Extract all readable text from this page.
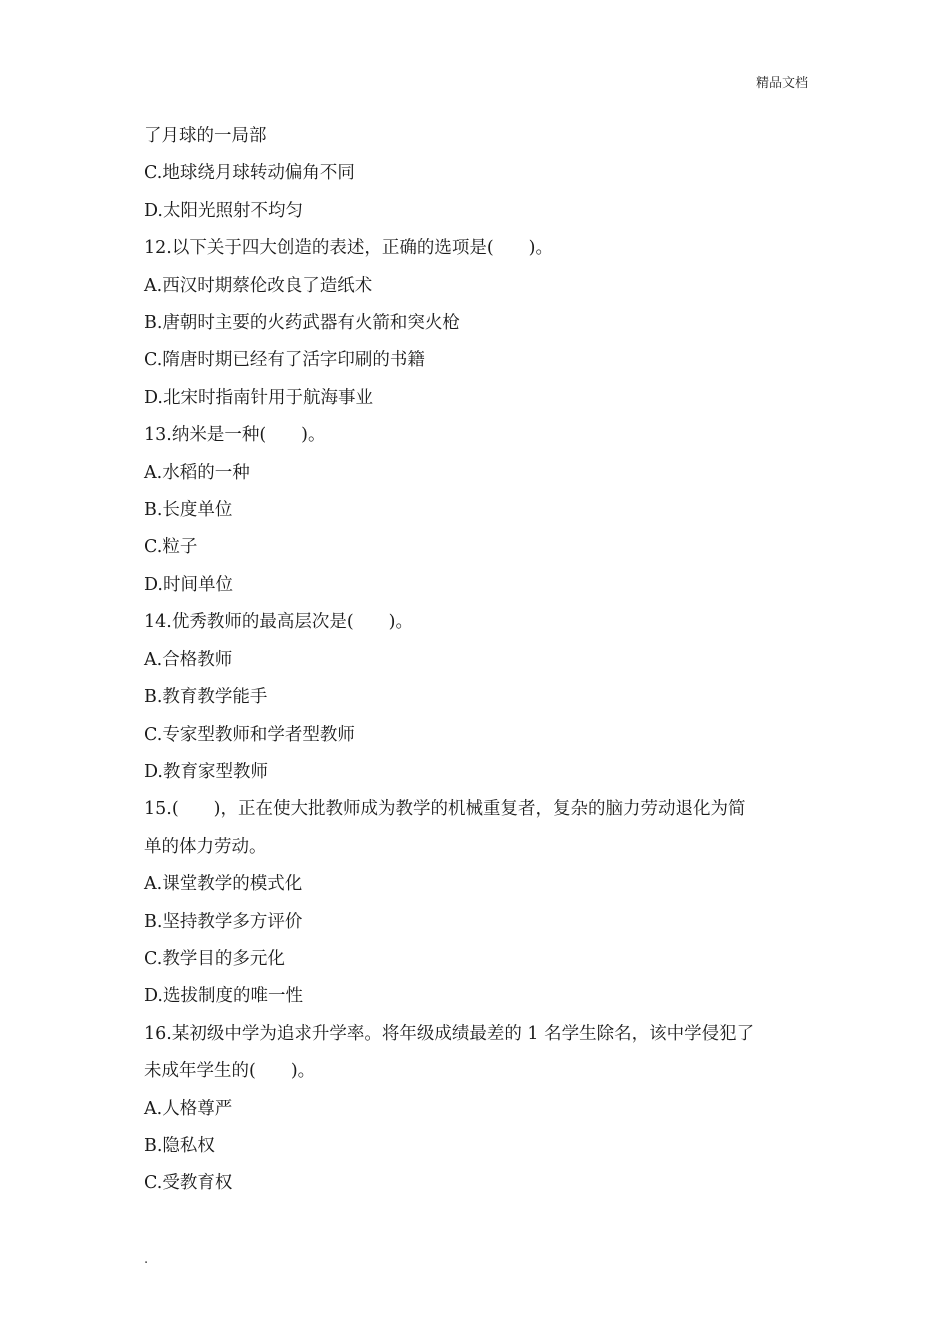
精品文档

了月球的一局部

C.地球绕月球转动偏角不同

D.太阳光照射不均匀

12.以下关于四大创造的表述，正确的选项是(　　)。

A.西汉时期蔡伦改良了造纸术

B.唐朝时主要的火药武器有火箭和突火枪

C.隋唐时期已经有了活字印刷的书籍

D.北宋时指南针用于航海事业

13.纳米是一种(　　)。

A.水稻的一种

B.长度单位

C.粒子

D.时间单位

14.优秀教师的最高层次是(　　)。

A.合格教师

B.教育教学能手

C.专家型教师和学者型教师

D.教育家型教师

15.(　　)，正在使大批教师成为教学的机械重复者，复杂的脑力劳动退化为简

单的体力劳动。

A.课堂教学的模式化

B.坚持教学多方评价

C.教学目的多元化

D.选拔制度的唯一性

16.某初级中学为追求升学率。将年级成绩最差的 1 名学生除名，该中学侵犯了

未成年学生的(　　)。

A.人格尊严

B.隐私权

C.受教育权

.
